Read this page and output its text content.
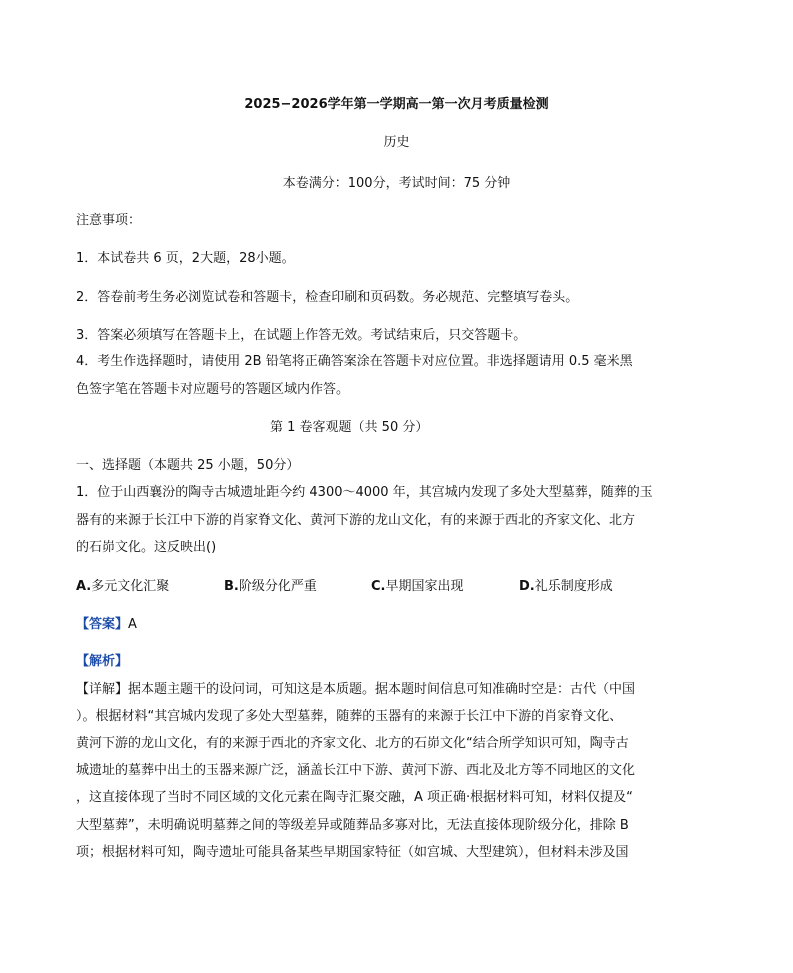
2025−2026学年第一学期高一第一次月考质量检测
历史
本卷满分：100分，考试时间：75 分钟
注意事项：
1．本试卷共 6 页，2大题，28小题。
2．答卷前考生务必浏览试卷和答题卡，检查印刷和页码数。务必规范、完整填写卷头。
3．答案必须填写在答题卡上，在试题上作答无效。考试结束后，只交答题卡。
4．考生作选择题时，请使用 2B 铅笔将正确答案涂在答题卡对应位置。非选择题请用 0.5 毫米黑
色签字笔在答题卡对应题号的答题区域内作答。
第 1 卷客观题（共 50 分）
一、选择题（本题共 25 小题，50分）
1．位于山西襄汾的陶寺古城遗址距今约 4300～4000 年，其宫城内发现了多处大型墓葬，随葬的玉
器有的来源于长江中下游的肖家脊文化、黄河下游的龙山文化，有的来源于西北的齐家文化、北方
的石峁文化。这反映出()
A.多元文化汇聚	B.阶级分化严重	C.早期国家出现	D.礼乐制度形成
【答案】A
【解析】
【详解】据本题主题干的设问词，可知这是本质题。据本题时间信息可知准确时空是：古代（中国
）。根据材料“其宫城内发现了多处大型墓葬，随葬的玉器有的来源于长江中下游的肖家脊文化、
黄河下游的龙山文化，有的来源于西北的齐家文化、北方的石峁文化“结合所学知识可知，陶寺古
城遗址的墓葬中出土的玉器来源广泛，涵盖长江中下游、黄河下游、西北及北方等不同地区的文化
，这直接体现了当时不同区域的文化元素在陶寺汇聚交融，A 项正确·根据材料可知，材料仅提及“
大型墓葬”，未明确说明墓葬之间的等级差异或随葬品多寡对比，无法直接体现阶级分化，排除 B
项；根据材料可知，陶寺遗址可能具备某些早期国家特征（如宫城、大型建筑），但材料未涉及国
